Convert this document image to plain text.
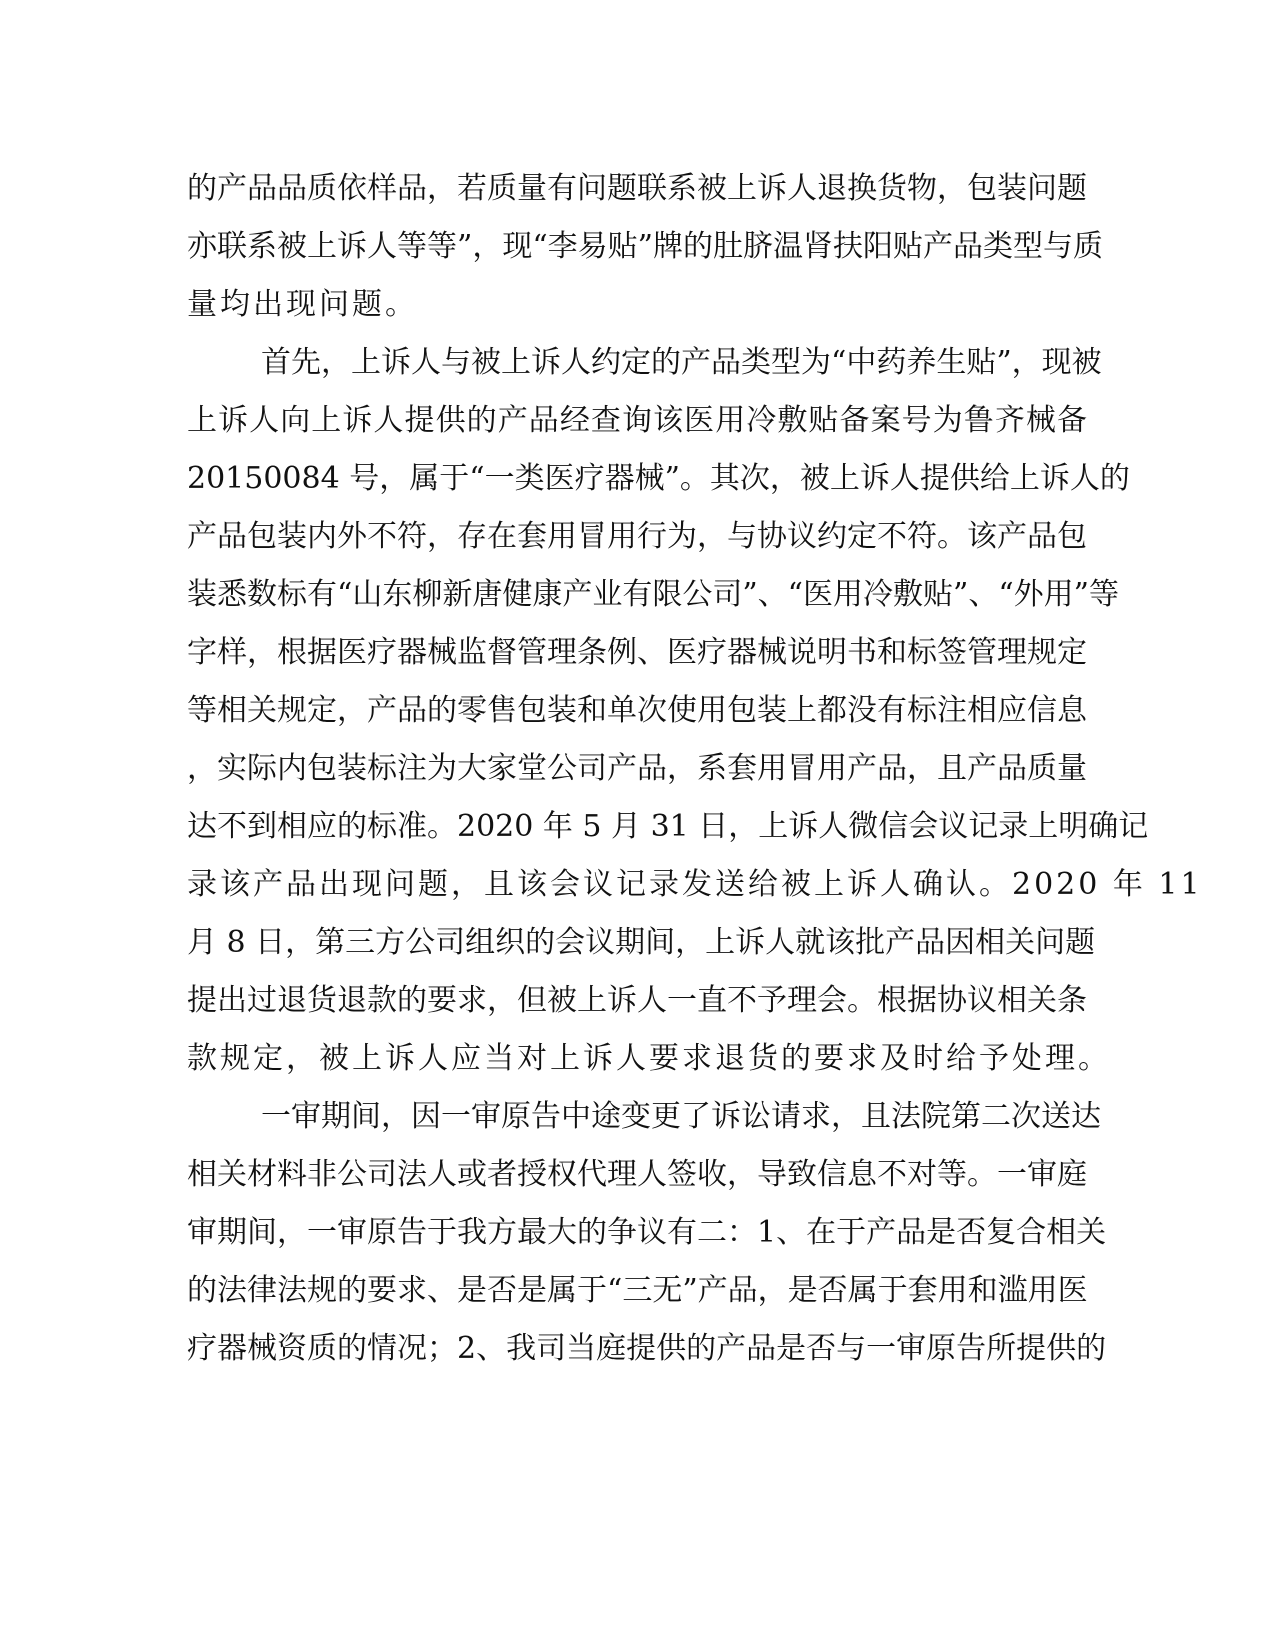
的产品品质依样品，若质量有问题联系被上诉人退换货物，包装问题
亦联系被上诉人等等”，现“李易贴”牌的肚脐温肾扶阳贴产品类型与质
量均出现问题。
首先，上诉人与被上诉人约定的产品类型为“中药养生贴”，现被
上诉人向上诉人提供的产品经查询该医用冷敷贴备案号为鲁齐械备
20150084 号，属于“一类医疗器械”。其次，被上诉人提供给上诉人的
产品包装内外不符，存在套用冒用行为，与协议约定不符。该产品包
装悉数标有“山东柳新唐健康产业有限公司”、“医用冷敷贴”、“外用”等
字样，根据医疗器械监督管理条例、医疗器械说明书和标签管理规定
等相关规定，产品的零售包装和单次使用包装上都没有标注相应信息
，实际内包装标注为大家堂公司产品，系套用冒用产品，且产品质量
达不到相应的标准。2020 年 5 月 31 日，上诉人微信会议记录上明确记
录该产品出现问题，且该会议记录发送给被上诉人确认。2020 年 11
月 8 日，第三方公司组织的会议期间，上诉人就该批产品因相关问题
提出过退货退款的要求，但被上诉人一直不予理会。根据协议相关条
款规定，被上诉人应当对上诉人要求退货的要求及时给予处理。
一审期间，因一审原告中途变更了诉讼请求，且法院第二次送达
相关材料非公司法人或者授权代理人签收，导致信息不对等。一审庭
审期间，一审原告于我方最大的争议有二：1、在于产品是否复合相关
的法律法规的要求、是否是属于“三无”产品，是否属于套用和滥用医
疗器械资质的情况；2、我司当庭提供的产品是否与一审原告所提供的
